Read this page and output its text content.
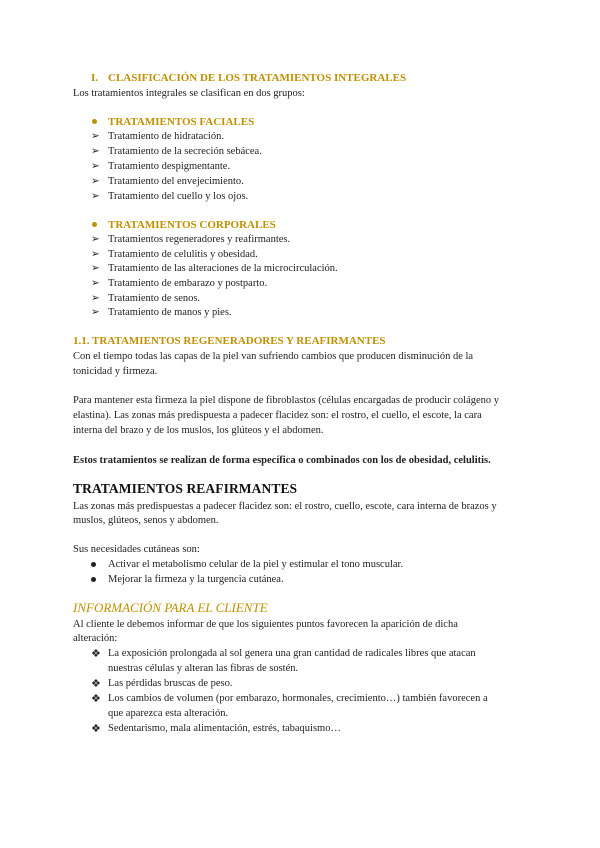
I. CLASIFICACIÓN DE LOS TRATAMIENTOS INTEGRALES
Los tratamientos integrales se clasifican en dos grupos:
TRATAMIENTOS FACIALES
➢ Tratamiento de hidratación.
➢ Tratamiento de la secreción sebácea.
➢ Tratamiento despigmentante.
➢ Tratamiento del envejecimiento.
➢ Tratamiento del cuello y los ojos.
TRATAMIENTOS CORPORALES
➢ Tratamientos regeneradores y reafirmantes.
➢ Tratamiento de celulitis y obesidad.
➢ Tratamiento de las alteraciones de la microcirculación.
➢ Tratamiento de embarazo y postparto.
➢ Tratamiento de senos.
➢ Tratamiento de manos y pies.
1.1. TRATAMIENTOS REGENERADORES Y REAFIRMANTES
Con el tiempo todas las capas de la piel van sufriendo cambios que producen disminución de la
tonicidad y firmeza.
Para mantener esta firmeza la piel dispone de fibroblastos (células encargadas de producir colágeno y
elastina). Las zonas más predispuesta a padecer flacidez son: el rostro, el cuello, el escote, la cara
interna del brazo y de los muslos, los glúteos y el abdomen.
Estos tratamientos se realizan de forma específica o combinados con los de obesidad, celulitis.
TRATAMIENTOS REAFIRMANTES
Las zonas más predispuestas a padecer flacidez son: el rostro, cuello, escote, cara interna de brazos y
muslos, glúteos, senos y abdomen.
Sus necesidades cutáneas son:
Activar el metabolismo celular de la piel y estimular el tono muscular.
Mejorar la firmeza y la turgencia cutánea.
INFORMACIÓN PARA EL CLIENTE
Al cliente le debemos informar de que los siguientes puntos favorecen la aparición de dicha
alteración:
❖ La exposición prolongada al sol genera una gran cantidad de radicales libres que atacan
nuestras células y alteran las fibras de sostén.
❖ Las pérdidas bruscas de peso.
❖ Los cambios de volumen (por embarazo, hormonales, crecimiento…) también favorecen a
que aparezca esta alteración.
❖ Sedentarismo, mala alimentación, estrés, tabaquismo…
